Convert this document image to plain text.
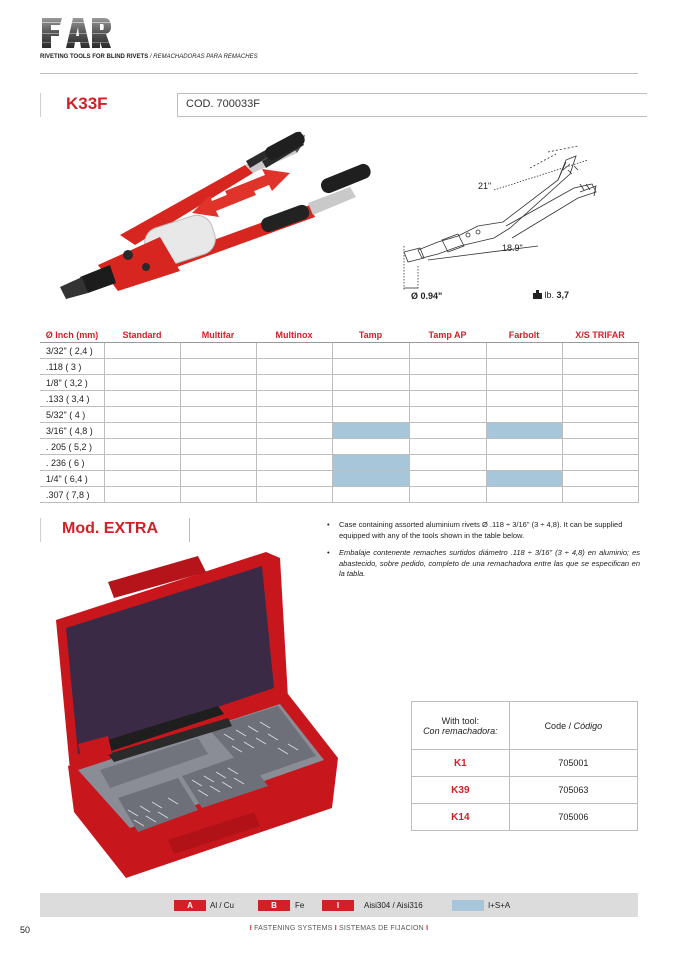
RIVETING TOOLS FOR BLIND RIVETS / REMACHADORAS PARA REMACHES
K33F	COD. 700033F
21"
18.9"
Ø 0.94"	lb. 3,7
Ø Inch (mm)	Standard	Multifar	Multinox	Tamp	Tamp AP	Farbolt	X/S TRIFAR
3/32" ( 2,4 )							
.118 ( 3 )							
1/8" ( 3,2 )							
.133 ( 3,4 )							
5/32" ( 4 )							
3/16" ( 4,8 )							
. 205 ( 5,2 )							
. 236 ( 6 )							
1/4" ( 6,4 )							
.307 ( 7,8 )							
Mod. EXTRA	• Case containing assorted aluminium rivets Ø .118 ÷ 3/16" (3 ÷ 4,8). It can be supplied equipped with any of the tools shown in the table below.
• Embalaje contenente remaches surtidos diámetro .118 ÷ 3/16" (3 ÷ 4,8) en aluminio; es abastecido, sobre pedido, completo de una remachadora entre las que se especifican en la tabla.
With tool:
Con remachadora:	Code / Código
K1	705001
K39	705063
K14	705006
A	Al / Cu	B	Fe	I	Aisi304 / Aisi316	I+S+A
50	I FASTENING SYSTEMS I SISTEMAS DE FIJACION I
